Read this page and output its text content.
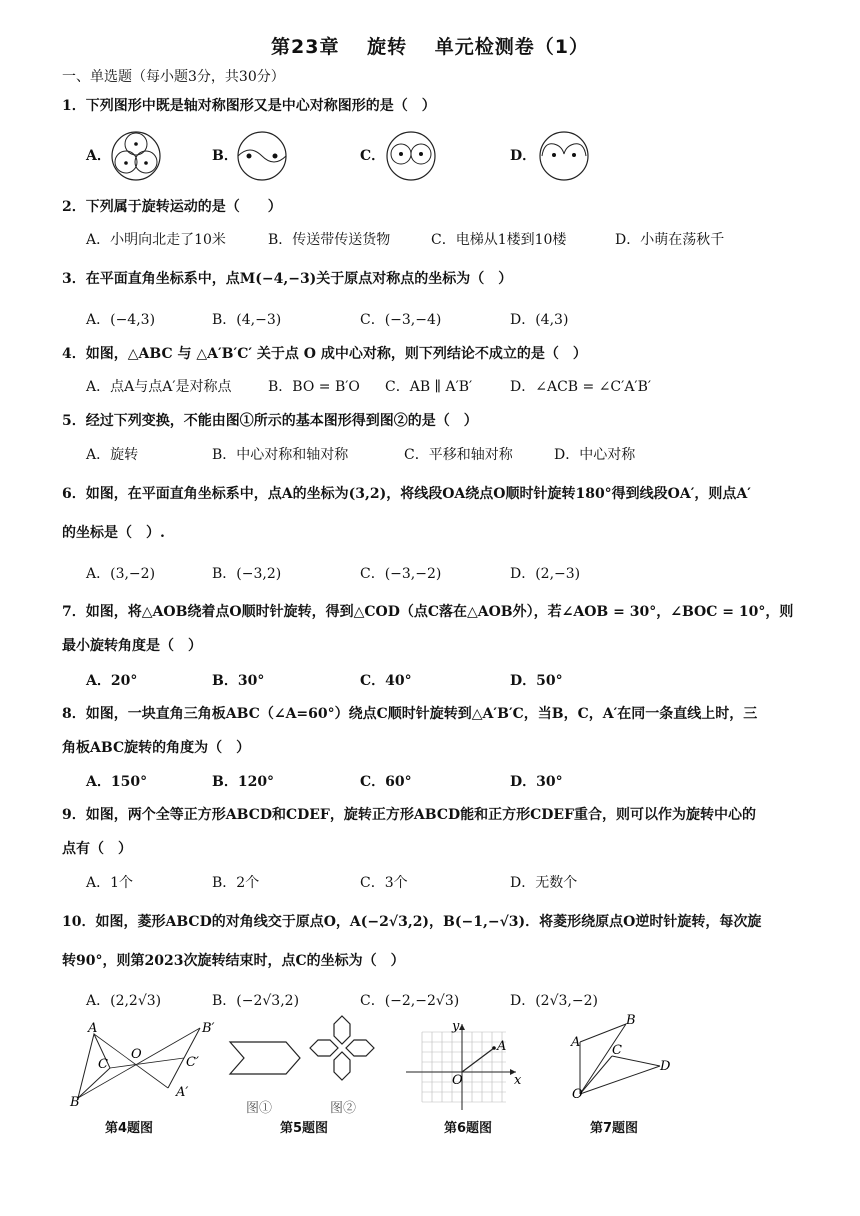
第23章　 旋转　 单元检测卷（1）
一、单选题（每小题3分，共30分）
1．下列图形中既是轴对称图形又是中心对称图形的是（　）
A．	B．	C．	D．
2．下列属于旋转运动的是（　　）
A．小明向北走了10米	B．传送带传送货物	C．电梯从1楼到10楼	D．小萌在荡秋千
3．在平面直角坐标系中，点M(−4,−3)关于原点对称点的坐标为（　）
A．(−4,3)	B．(4,−3)	C．(−3,−4)	D．(4,3)
4．如图，△ABC 与 △A′B′C′ 关于点 O 成中心对称，则下列结论不成立的是（　）
A．点A与点A′是对称点	B．BO = B′O C．AB ∥ A′B′	D．∠ACB = ∠C′A′B′
5．经过下列变换，不能由图①所示的基本图形得到图②的是（　）
A．旋转	B．中心对称和轴对称	C．平移和轴对称	D．中心对称
6．如图，在平面直角坐标系中，点A的坐标为(3,2)，将线段OA绕点O顺时针旋转180°得到线段OA′，则点A′
的坐标是（　）.
A．(3,−2)	B．(−3,2)	C．(−3,−2)	D．(2,−3)
7．如图，将△AOB绕着点O顺时针旋转，得到△COD（点C落在△AOB外），若∠AOB = 30°，∠BOC = 10°，则
最小旋转角度是（　）
A．20°	B．30°	C．40°	D．50°
8．如图，一块直角三角板ABC（∠A=60°）绕点C顺时针旋转到△A′B′C，当B，C，A′在同一条直线上时，三
角板ABC旋转的角度为（　）
A．150°	B．120°	C．60°	D．30°
9．如图，两个全等正方形ABCD和CDEF，旋转正方形ABCD能和正方形CDEF重合，则可以作为旋转中心的
点有（　）
A．1个	B．2个	C．3个	D．无数个
10．如图，菱形ABCD的对角线交于原点O，A(−2√3,2)，B(−1,−√3)．将菱形绕原点O逆时针旋转，每次旋
转90°，则第2023次旋转结束时，点C的坐标为（　）
A．(2,2√3)	B．(−2√3,2)	C．(−2,−2√3)	D．(2√3,−2)
A
B
C
O
B′
C′
A′
第4题图
图①	图②
第5题图
y
x
O
A
第6题图
A
B
C
D
O
第7题图
